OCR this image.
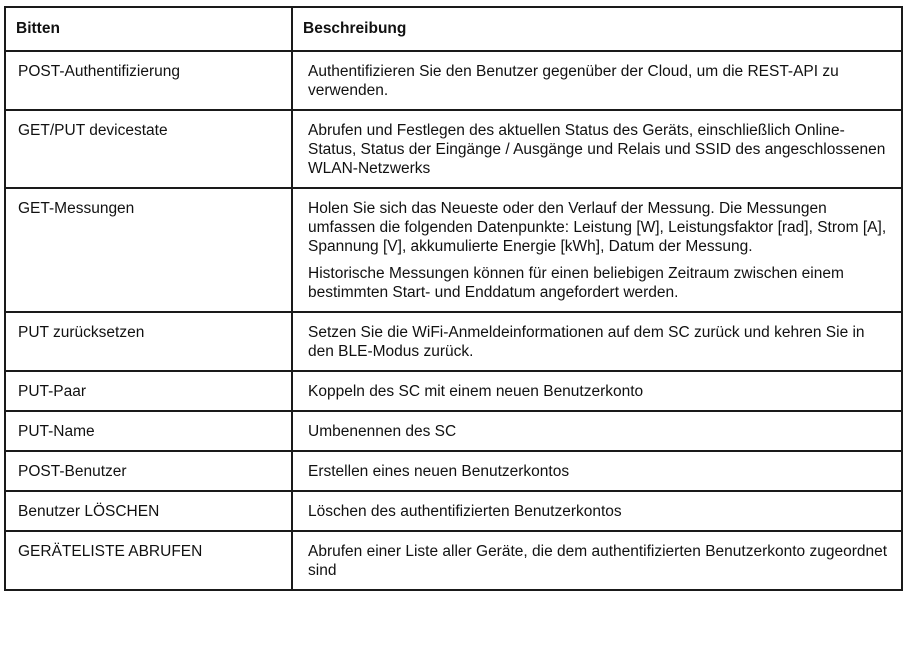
Bitten	Beschreibung
POST-Authentifizierung	Authentifizieren Sie den Benutzer gegenüber der Cloud, um die REST-API zu verwenden.

GET/PUT devicestate	Abrufen und Festlegen des aktuellen Status des Geräts, einschließlich Online-Status, Status der Eingänge / Ausgänge und Relais und SSID des angeschlossenen WLAN-Netzwerks

GET-Messungen	Holen Sie sich das Neueste oder den Verlauf der Messung. Die Messungen umfassen die folgenden Datenpunkte: Leistung [W], Leistungsfaktor [rad], Strom [A], Spannung [V], akkumulierte Energie [kWh], Datum der Messung.
Historische Messungen können für einen beliebigen Zeitraum zwischen einem bestimmten Start- und Enddatum angefordert werden.

PUT zurücksetzen	Setzen Sie die WiFi-Anmeldeinformationen auf dem SC zurück und kehren Sie in den BLE-Modus zurück.

PUT-Paar	Koppeln des SC mit einem neuen Benutzerkonto

PUT-Name	Umbenennen des SC

POST-Benutzer	Erstellen eines neuen Benutzerkontos

Benutzer LÖSCHEN	Löschen des authentifizierten Benutzerkontos

GERÄTELISTE ABRUFEN	Abrufen einer Liste aller Geräte, die dem authentifizierten Benutzerkonto zugeordnet sind
